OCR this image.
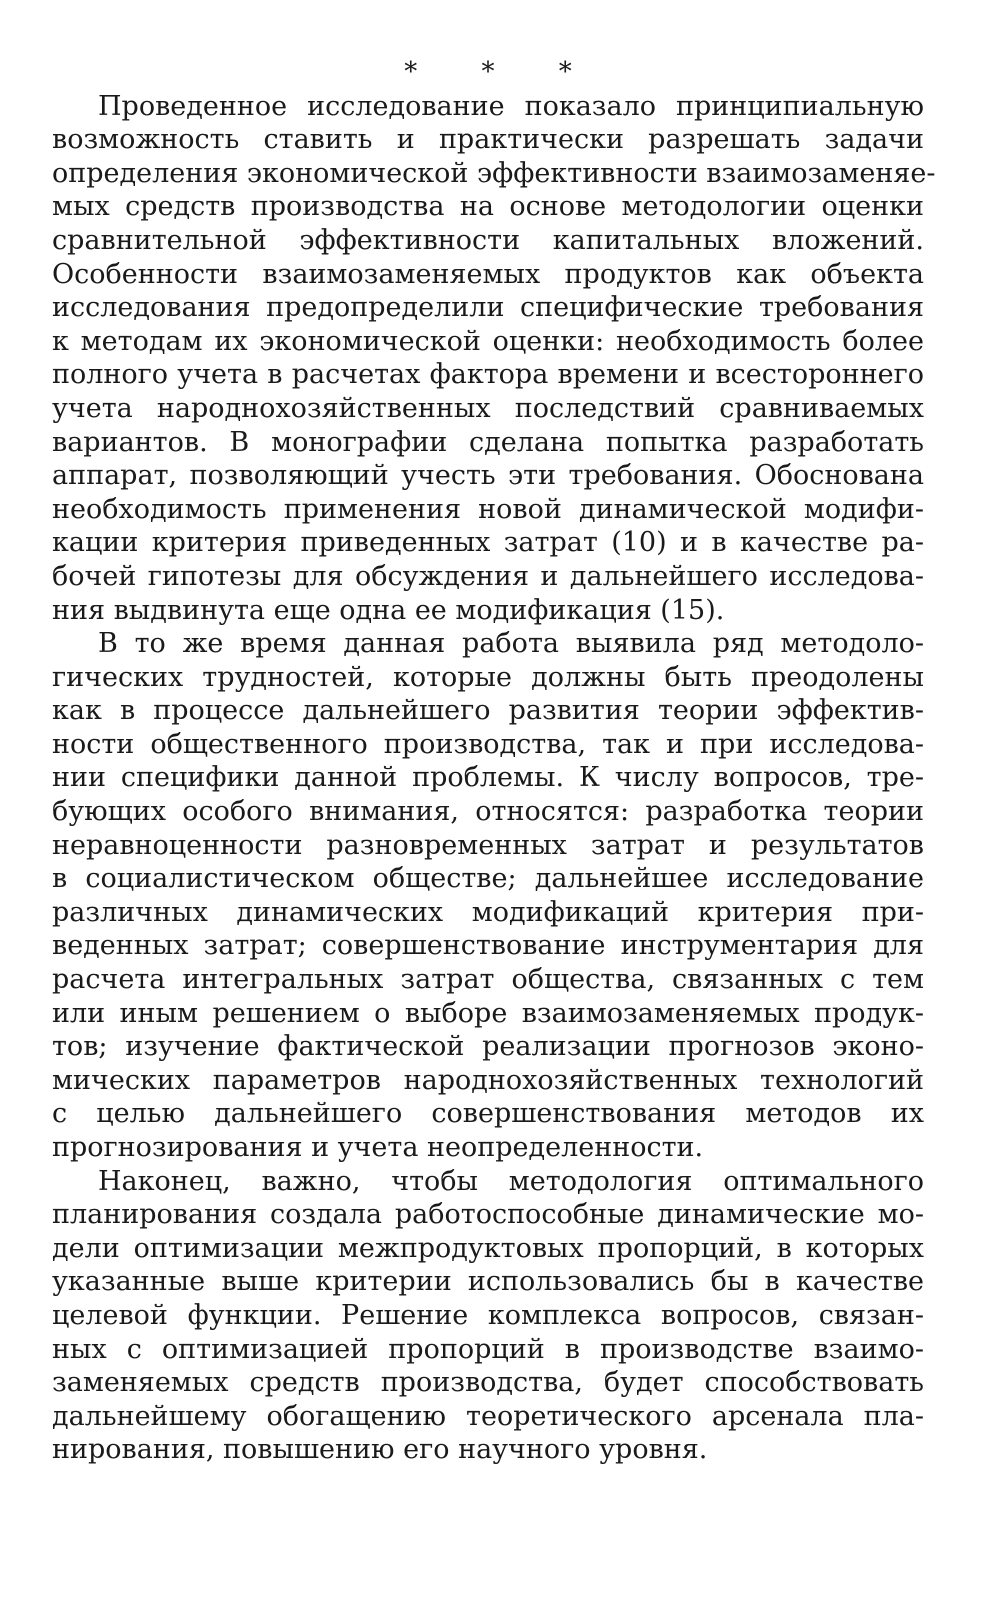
* * *
Проведенное исследование показало принципиальную
возможность ставить и практически разрешать задачи
определения экономической эффективности взаимозаменяе-
мых средств производства на основе методологии оценки
сравнительной эффективности капитальных вложений.
Особенности взаимозаменяемых продуктов как объекта
исследования предопределили специфические требования
к методам их экономической оценки: необходимость более
полного учета в расчетах фактора времени и всестороннего
учета народнохозяйственных последствий сравниваемых
вариантов. В монографии сделана попытка разработать
аппарат, позволяющий учесть эти требования. Обоснована
необходимость применения новой динамической модифи-
кации критерия приведенных затрат (10) и в качестве ра-
бочей гипотезы для обсуждения и дальнейшего исследова-
ния выдвинута еще одна ее модификация (15).
В то же время данная работа выявила ряд методоло-
гических трудностей, которые должны быть преодолены
как в процессе дальнейшего развития теории эффектив-
ности общественного производства, так и при исследова-
нии специфики данной проблемы. К числу вопросов, тре-
бующих особого внимания, относятся: разработка теории
неравноценности разновременных затрат и результатов
в социалистическом обществе; дальнейшее исследование
различных динамических модификаций критерия при-
веденных затрат; совершенствование инструментария для
расчета интегральных затрат общества, связанных с тем
или иным решением о выборе взаимозаменяемых продук-
тов; изучение фактической реализации прогнозов эконо-
мических параметров народнохозяйственных технологий
с целью дальнейшего совершенствования методов их
прогнозирования и учета неопределенности.
Наконец, важно, чтобы методология оптимального
планирования создала работоспособные динамические мо-
дели оптимизации межпродуктовых пропорций, в которых
указанные выше критерии использовались бы в качестве
целевой функции. Решение комплекса вопросов, связан-
ных с оптимизацией пропорций в производстве взаимо-
заменяемых средств производства, будет способствовать
дальнейшему обогащению теоретического арсенала пла-
нирования, повышению его научного уровня.
